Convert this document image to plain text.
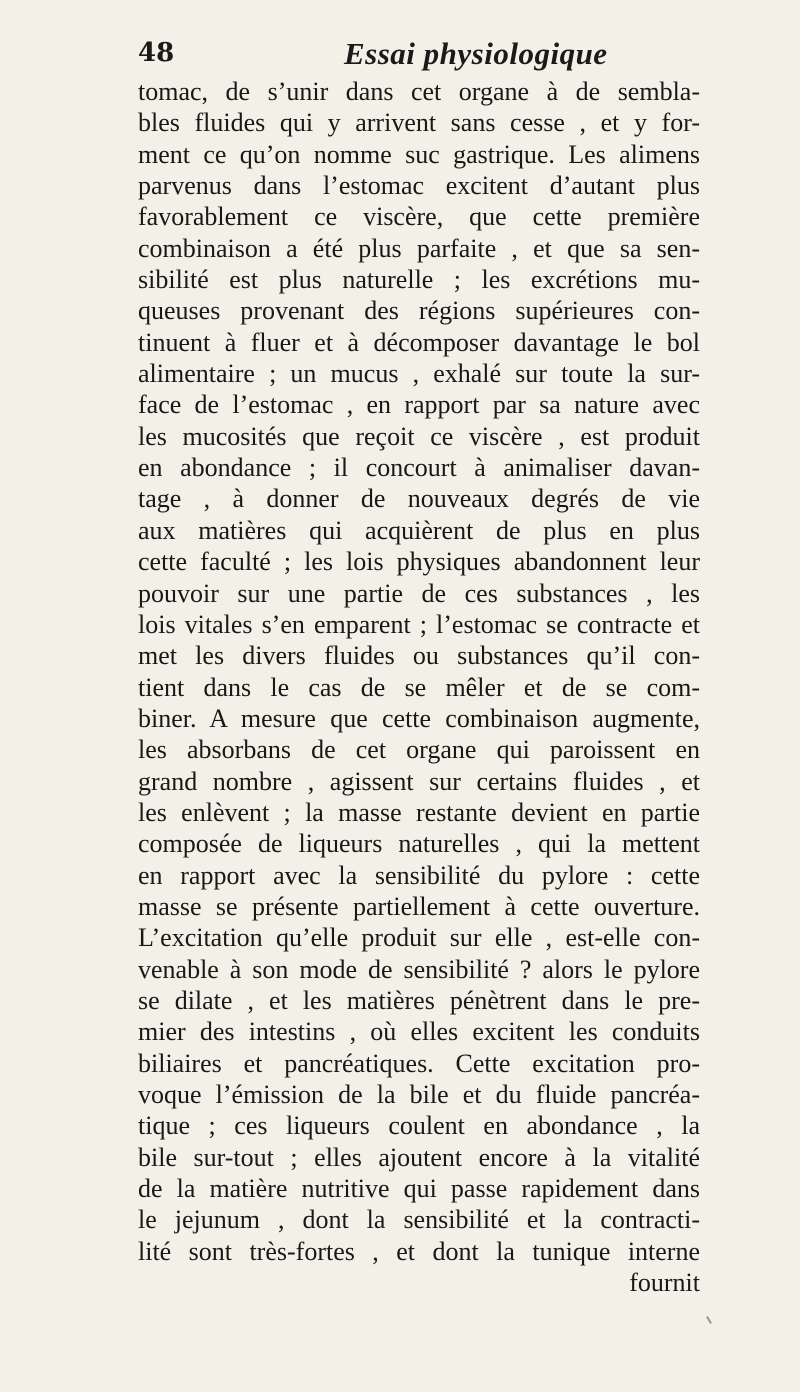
48	Essai physiologique
tomac, de s’unir dans cet organe à de sembla-
bles fluides qui y arrivent sans cesse , et y for-
ment ce qu’on nomme suc gastrique. Les alimens
parvenus dans l’estomac excitent d’autant plus
favorablement ce viscère, que cette première
combinaison a été plus parfaite , et que sa sen-
sibilité est plus naturelle ; les excrétions mu-
queuses provenant des régions supérieures con-
tinuent à fluer et à décomposer davantage le bol
alimentaire ; un mucus , exhalé sur toute la sur-
face de l’estomac , en rapport par sa nature avec
les mucosités que reçoit ce viscère , est produit
en abondance ; il concourt à animaliser davan-
tage , à donner de nouveaux degrés de vie
aux matières qui acquièrent de plus en plus
cette faculté ; les lois physiques abandonnent leur
pouvoir sur une partie de ces substances , les
lois vitales s’en emparent ; l’estomac se contracte et
met les divers fluides ou substances qu’il con-
tient dans le cas de se mêler et de se com-
biner. A mesure que cette combinaison augmente,
les absorbans de cet organe qui paroissent en
grand nombre , agissent sur certains fluides , et
les enlèvent ; la masse restante devient en partie
composée de liqueurs naturelles , qui la mettent
en rapport avec la sensibilité du pylore : cette
masse se présente partiellement à cette ouverture.
L’excitation qu’elle produit sur elle , est-elle con-
venable à son mode de sensibilité ? alors le pylore
se dilate , et les matières pénètrent dans le pre-
mier des intestins , où elles excitent les conduits
biliaires et pancréatiques. Cette excitation pro-
voque l’émission de la bile et du fluide pancréa-
tique ; ces liqueurs coulent en abondance , la
bile sur-tout ; elles ajoutent encore à la vitalité
de la matière nutritive qui passe rapidement dans
le jejunum , dont la sensibilité et la contracti-
lité sont très-fortes , et dont la tunique interne
fournit
